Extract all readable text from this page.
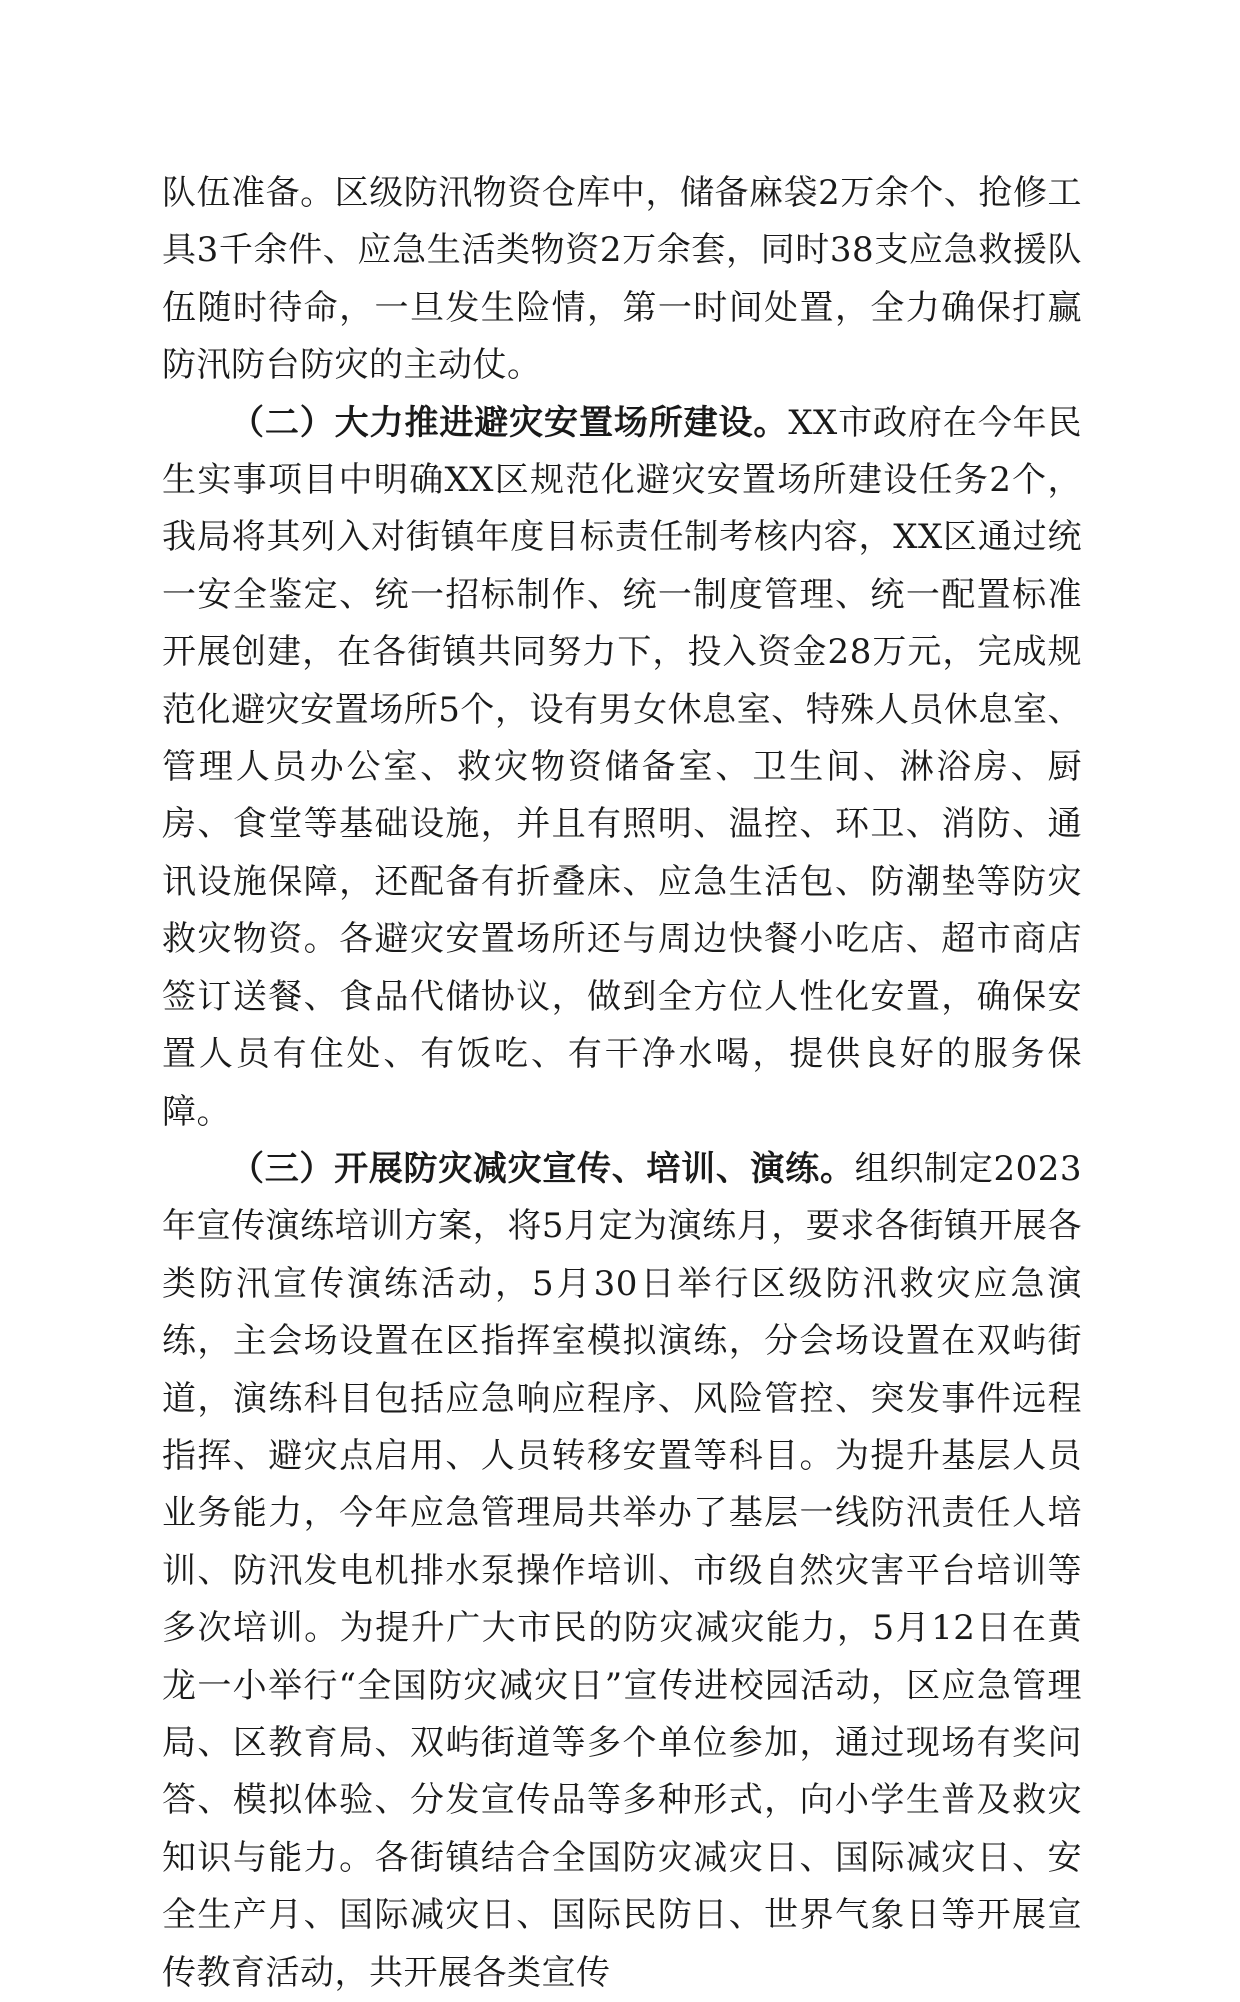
队伍准备。区级防汛物资仓库中，储备麻袋2万余个、抢修工具3千余件、应急生活类物资2万余套，同时38支应急救援队伍随时待命，一旦发生险情，第一时间处置，全力确保打赢防汛防台防灾的主动仗。

（二）大力推进避灾安置场所建设。XX市政府在今年民生实事项目中明确XX区规范化避灾安置场所建设任务2个，我局将其列入对街镇年度目标责任制考核内容，XX区通过统一安全鉴定、统一招标制作、统一制度管理、统一配置标准开展创建，在各街镇共同努力下，投入资金28万元，完成规范化避灾安置场所5个，设有男女休息室、特殊人员休息室、管理人员办公室、救灾物资储备室、卫生间、淋浴房、厨房、食堂等基础设施，并且有照明、温控、环卫、消防、通讯设施保障，还配备有折叠床、应急生活包、防潮垫等防灾救灾物资。各避灾安置场所还与周边快餐小吃店、超市商店签订送餐、食品代储协议，做到全方位人性化安置，确保安置人员有住处、有饭吃、有干净水喝，提供良好的服务保障。

（三）开展防灾减灾宣传、培训、演练。组织制定2023年宣传演练培训方案，将5月定为演练月，要求各街镇开展各类防汛宣传演练活动，5月30日举行区级防汛救灾应急演练，主会场设置在区指挥室模拟演练，分会场设置在双屿街道，演练科目包括应急响应程序、风险管控、突发事件远程指挥、避灾点启用、人员转移安置等科目。为提升基层人员业务能力，今年应急管理局共举办了基层一线防汛责任人培训、防汛发电机排水泵操作培训、市级自然灾害平台培训等多次培训。为提升广大市民的防灾减灾能力，5月12日在黄龙一小举行“全国防灾减灾日”宣传进校园活动，区应急管理局、区教育局、双屿街道等多个单位参加，通过现场有奖问答、模拟体验、分发宣传品等多种形式，向小学生普及救灾知识与能力。各街镇结合全国防灾减灾日、国际减灾日、安全生产月、国际减灾日、国际民防日、世界气象日等开展宣传教育活动，共开展各类宣传
